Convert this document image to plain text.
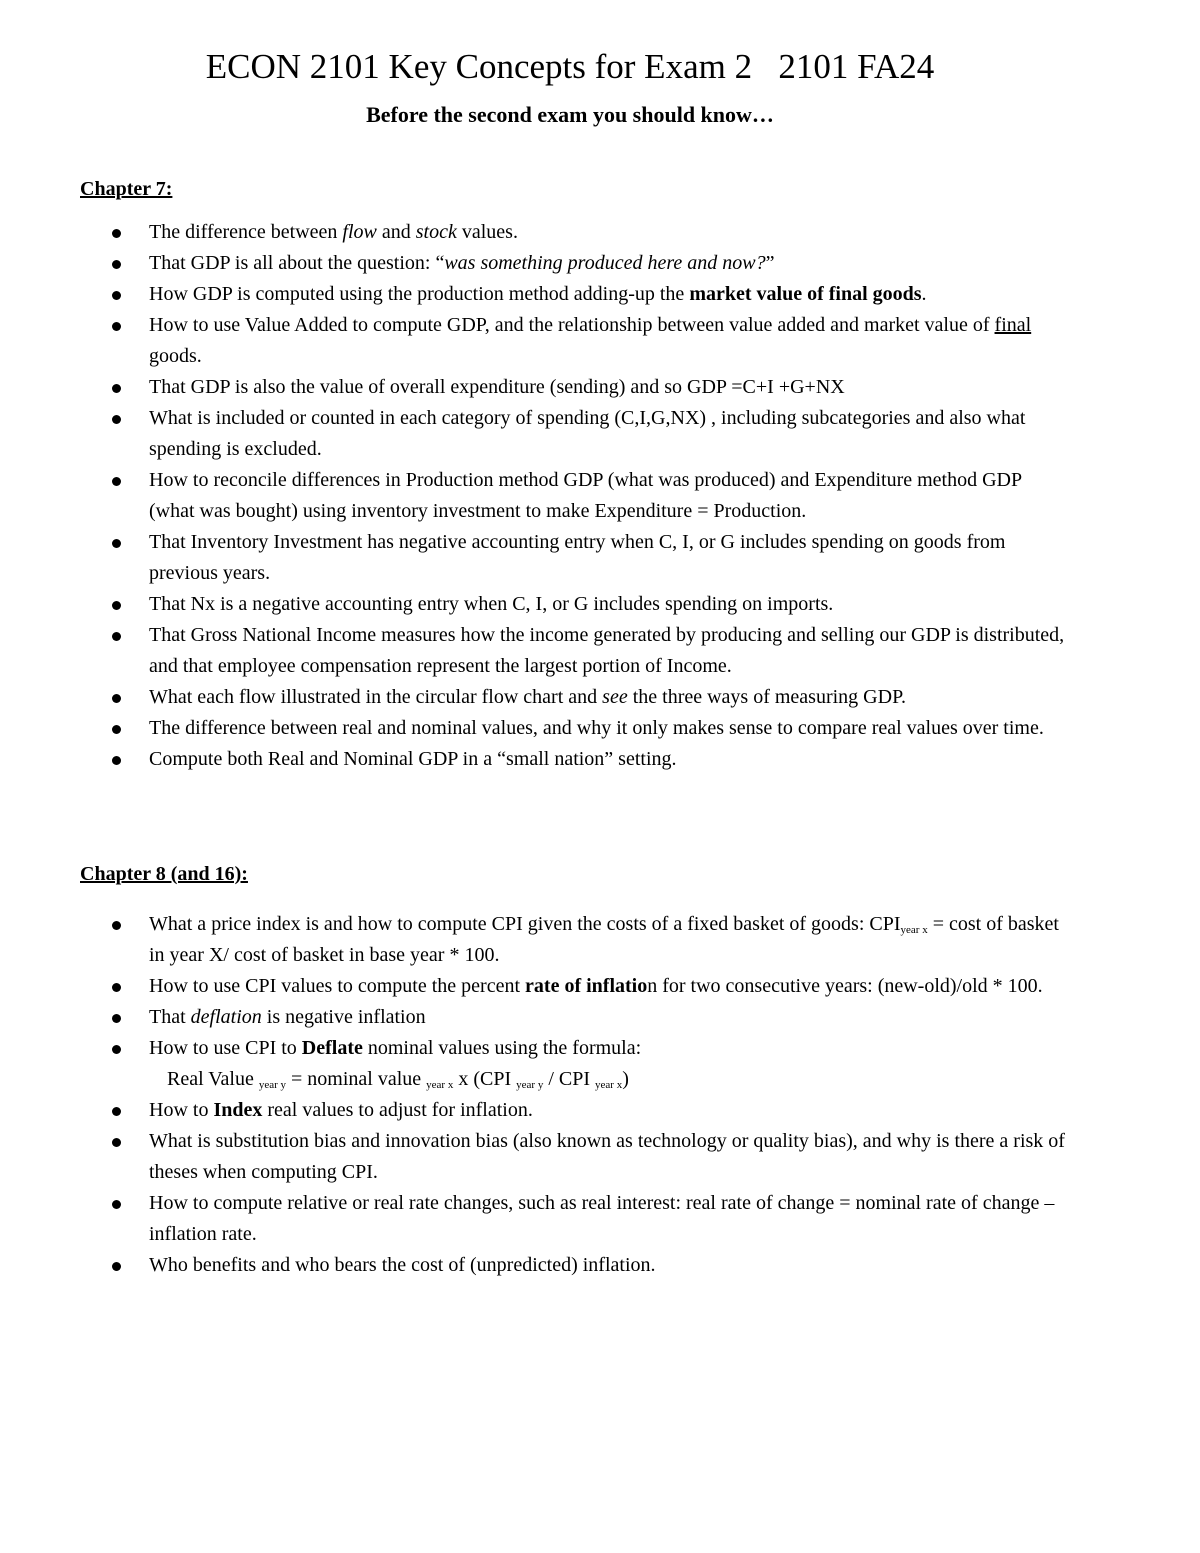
ECON 2101 Key Concepts for Exam 2   2101 FA24

Before the second exam you should know…

Chapter 7:

The difference between flow and stock values.
That GDP is all about the question: “was something produced here and now?”
How GDP is computed using the production method adding-up the market value of final goods.
How to use Value Added to compute GDP, and the relationship between value added and market value of final goods.
That GDP is also the value of overall expenditure (sending) and so GDP =C+I +G+NX
What is included or counted in each category of spending (C,I,G,NX) , including subcategories and also what spending is excluded.
How to reconcile differences in Production method GDP (what was produced) and Expenditure method GDP (what was bought) using inventory investment to make Expenditure = Production.
That Inventory Investment has negative accounting entry when C, I, or G includes spending on goods from previous years.
That Nx is a negative accounting entry when C, I, or G includes spending on imports.
That Gross National Income measures how the income generated by producing and selling our GDP is distributed, and that employee compensation represent the largest portion of Income.
What each flow illustrated in the circular flow chart and see the three ways of measuring GDP.
The difference between real and nominal values, and why it only makes sense to compare real values over time.
Compute both Real and Nominal GDP in a “small nation” setting.

Chapter 8 (and 16):

What a price index is and how to compute CPI given the costs of a fixed basket of goods: $CPI_{year x} = \cos t$ of basket in year X/ cost of basket in base year * 100.
How to use CPI values to compute the percent rate of inflation for two consecutive years: (new-old)/old * 100.
That deflation is negative inflation
How to use CPI to Deflate nominal values using the formula:
Real Value $_{year y}$ = nominal value $_{year x}$ x (CPI $_{year y}$ / CPI $_{year x}$)
How to Index real values to adjust for inflation.
What is substitution bias and innovation bias (also known as technology or quality bias), and why is there a risk of theses when computing CPI.
How to compute relative or real rate changes, such as real interest: real rate of change = nominal rate of change – inflation rate.
Who benefits and who bears the cost of (unpredicted) inflation.
